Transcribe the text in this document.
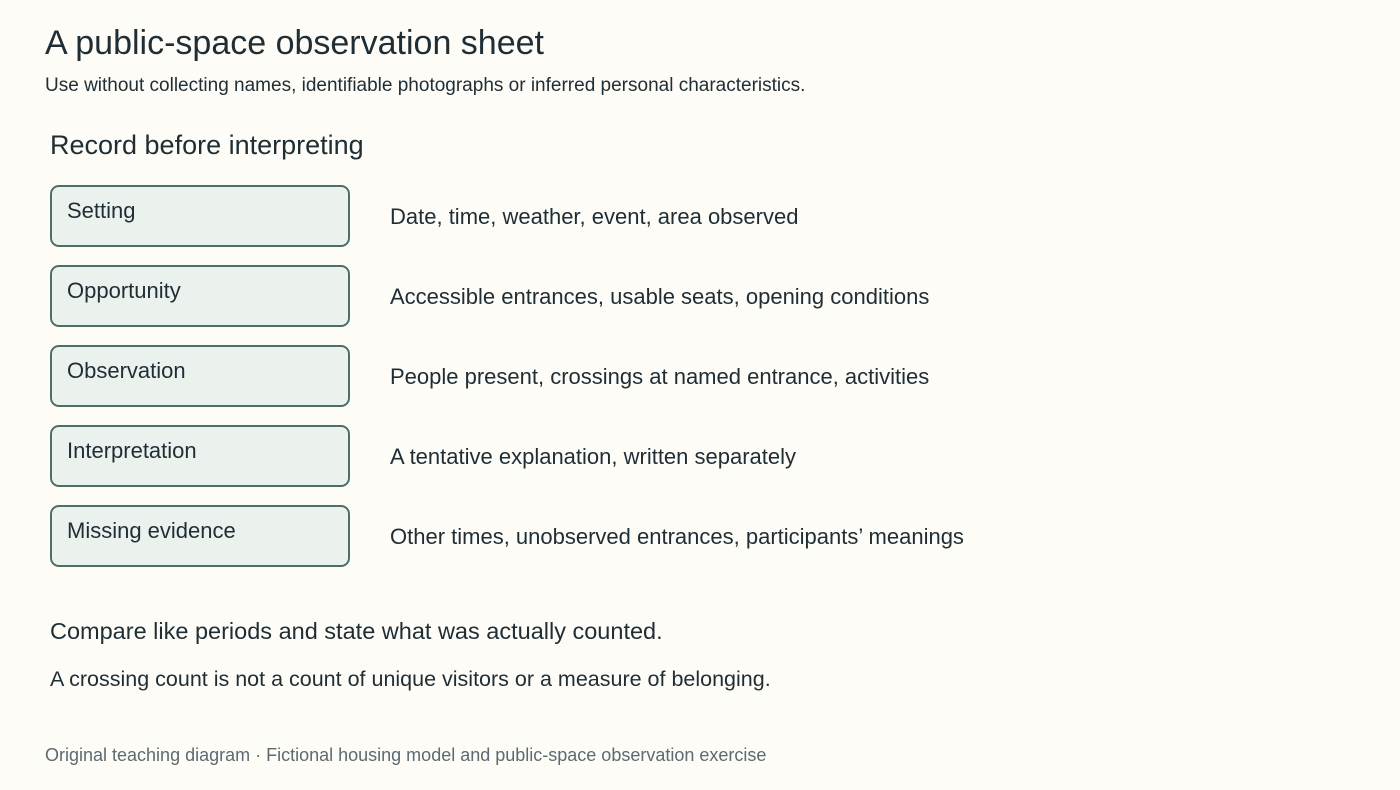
A public-space observation sheet

Use without collecting names, identifiable photographs or inferred personal characteristics.

Record before interpreting
Setting	Date, time, weather, event, area observed
Opportunity	Accessible entrances, usable seats, opening conditions
Observation	People present, crossings at named entrance, activities
Interpretation	A tentative explanation, written separately
Missing evidence	Other times, unobserved entrances, participants’ meanings

Compare like periods and state what was actually counted.

A crossing count is not a count of unique visitors or a measure of belonging.

Original teaching diagram · Fictional housing model and public-space observation exercise
